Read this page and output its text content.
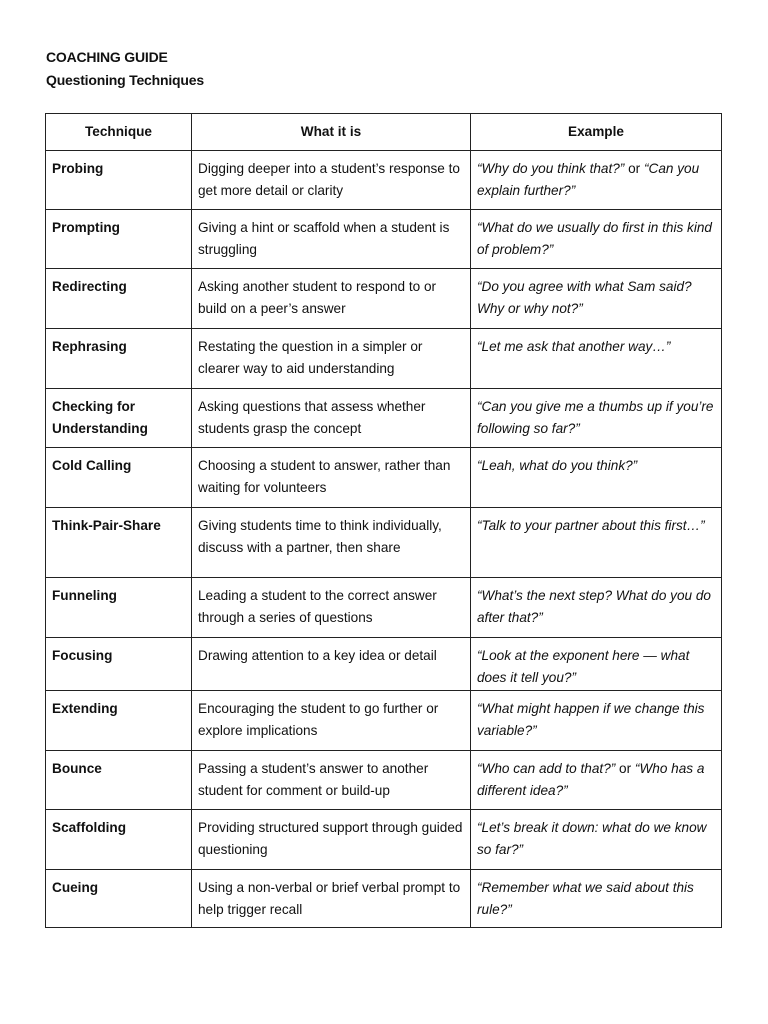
COACHING GUIDE
Questioning Techniques
Technique	What it is	Example
Probing	Digging deeper into a student’s response to get more detail or clarity	“Why do you think that?” or “Can you explain further?”
Prompting	Giving a hint or scaffold when a student is struggling	“What do we usually do first in this kind of problem?”
Redirecting	Asking another student to respond to or build on a peer’s answer	“Do you agree with what Sam said? Why or why not?”
Rephrasing	Restating the question in a simpler or clearer way to aid understanding	“Let me ask that another way…”
Checking for Understanding	Asking questions that assess whether students grasp the concept	“Can you give me a thumbs up if you’re following so far?”
Cold Calling	Choosing a student to answer, rather than waiting for volunteers	“Leah, what do you think?”
Think-Pair-Share	Giving students time to think individually, discuss with a partner, then share	“Talk to your partner about this first…”
Funneling	Leading a student to the correct answer through a series of questions	“What’s the next step? What do you do after that?”
Focusing	Drawing attention to a key idea or detail	“Look at the exponent here — what does it tell you?”
Extending	Encouraging the student to go further or explore implications	“What might happen if we change this variable?”
Bounce	Passing a student’s answer to another student for comment or build-up	“Who can add to that?” or “Who has a different idea?”
Scaffolding	Providing structured support through guided questioning	“Let’s break it down: what do we know so far?”
Cueing	Using a non-verbal or brief verbal prompt to help trigger recall	“Remember what we said about this rule?”
